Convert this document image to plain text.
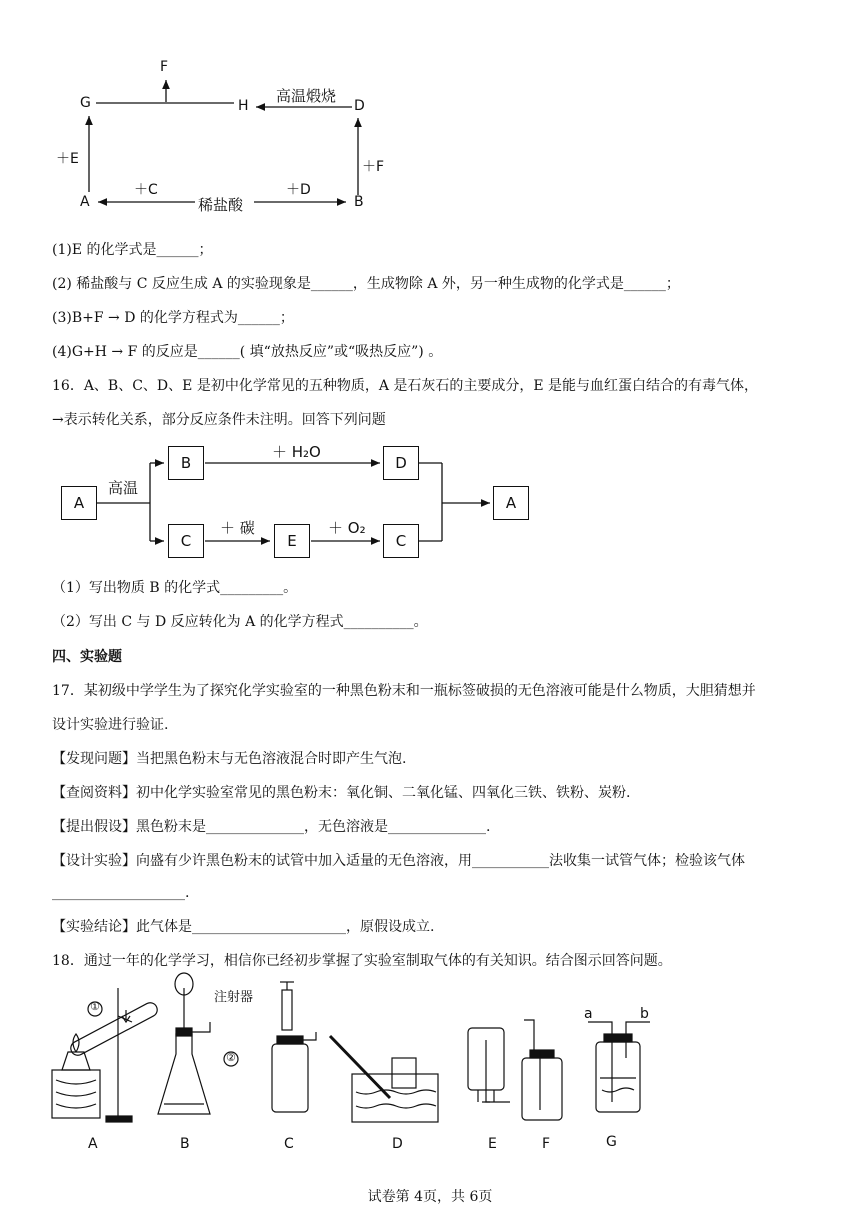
F
G	H	D
A	B
高温煅烧
＋E	＋F
＋C	＋D
稀盐酸
(1)E 的化学式是______；
(2) 稀盐酸与 C 反应生成 A 的实验现象是______，生成物除 A 外，另一种生成物的化学式是______；
(3)B+F → D 的化学方程式为______；
(4)G+H → F 的反应是______( 填“放热反应”或“吸热反应”) 。
16．A、B、C、D、E 是初中化学常见的五种物质，A 是石灰石的主要成分，E 是能与血红蛋白结合的有毒气体，
→表示转化关系，部分反应条件未注明。回答下列问题
A
B	D
C	E	C
A
高温
＋ H₂O
＋ 碳	＋ O₂
（1）写出物质 B 的化学式_________。
（2）写出 C 与 D 反应转化为 A 的化学方程式__________。
四、实验题
17．某初级中学学生为了探究化学实验室的一种黑色粉末和一瓶标签破损的无色溶液可能是什么物质，大胆猜想并
设计实验进行验证.
【发现问题】当把黑色粉末与无色溶液混合时即产生气泡.
【查阅资料】初中化学实验室常见的黑色粉末：氧化铜、二氧化锰、四氧化三铁、铁粉、炭粉.
【提出假设】黑色粉末是______________，无色溶液是______________.
【设计实验】向盛有少许黑色粉末的试管中加入适量的无色溶液，用___________法收集一试管气体；检验该气体
___________________.
【实验结论】此气体是______________________，原假设成立.
18．通过一年的化学学习，相信你已经初步掌握了实验室制取气体的有关知识。结合图示回答问题。
A	B	C	D	E	F	G
①
②
注射器
a	b
试卷第 4页，共 6页
